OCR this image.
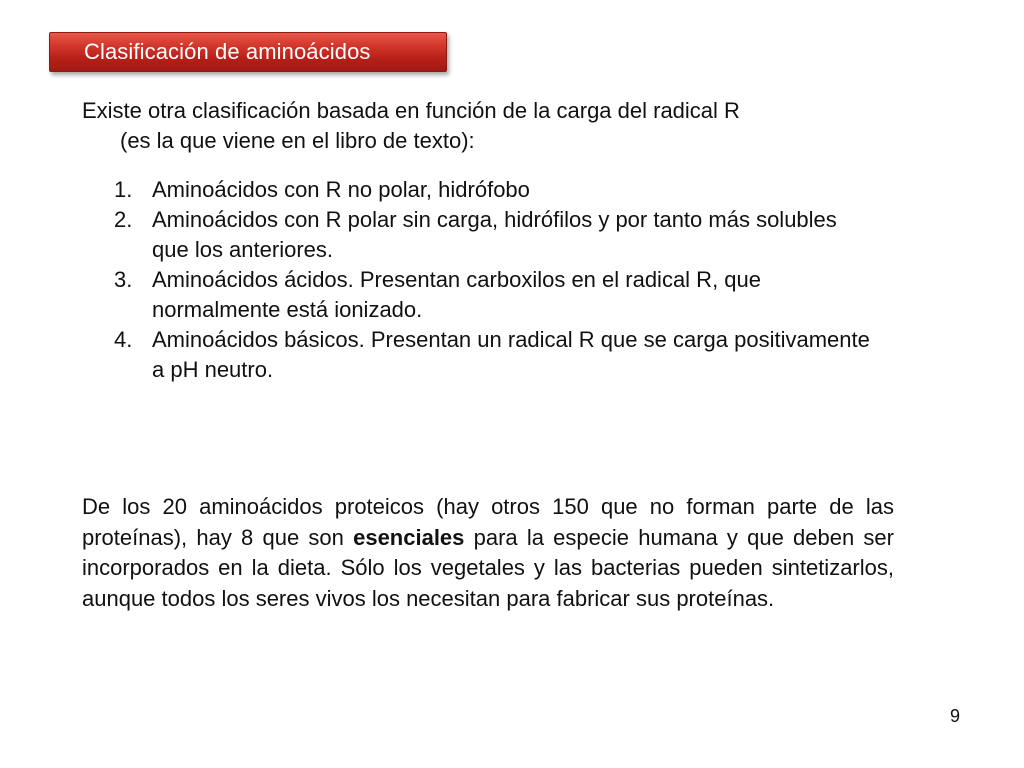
Clasificación de aminoácidos
Existe otra clasificación basada en función de la carga del radical R
(es la que viene en el libro de texto):
1. Aminoácidos con R no polar, hidrófobo
2. Aminoácidos con R polar sin carga, hidrófilos y por tanto más solubles que los anteriores.
3. Aminoácidos ácidos. Presentan carboxilos en el radical R, que normalmente está ionizado.
4. Aminoácidos básicos. Presentan un radical R que se carga positivamente a pH neutro.

De los 20 aminoácidos proteicos (hay otros 150 que no forman parte de las proteínas), hay 8 que son esenciales para la especie humana y que deben ser incorporados en la dieta. Sólo los vegetales y las bacterias pueden sintetizarlos, aunque todos los seres vivos los necesitan para fabricar sus proteínas.

9
